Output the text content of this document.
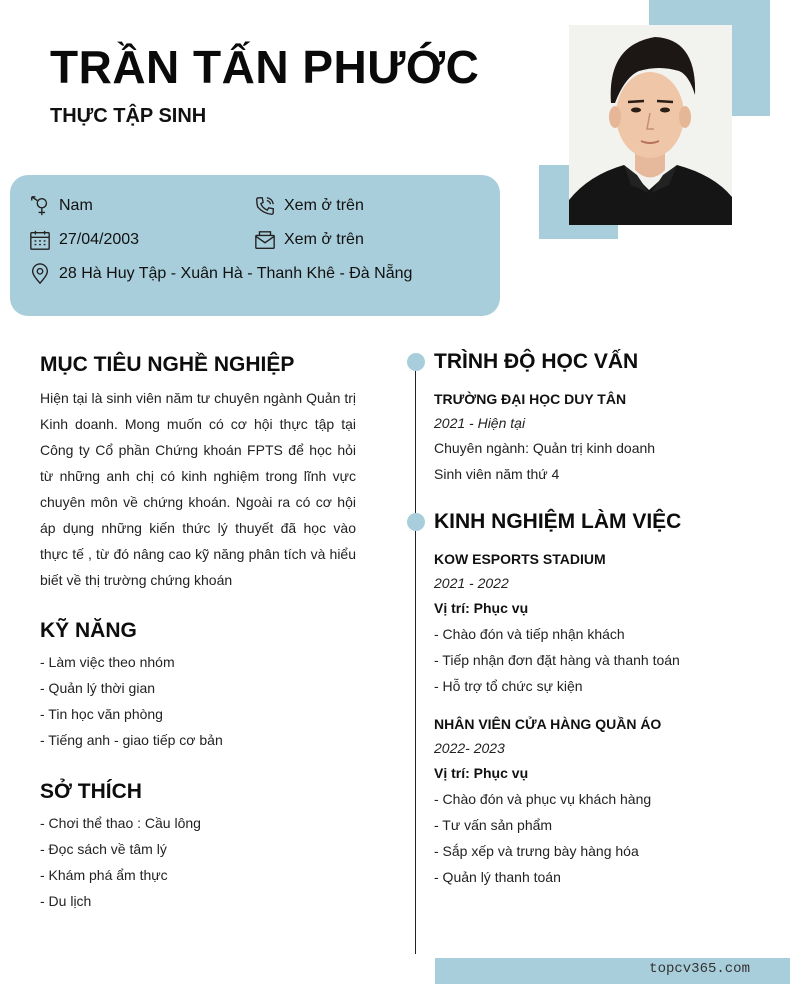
TRẦN TẤN PHƯỚC
THỰC TẬP SINH
Nam
27/04/2003
28 Hà Huy Tập - Xuân Hà - Thanh Khê - Đà Nẵng
Xem ở trên
Xem ở trên
MỤC TIÊU NGHỀ NGHIỆP

Hiện tại là sinh viên năm tư chuyên ngành Quản trị Kinh doanh. Mong muốn có cơ hội thực tập tại Công ty Cổ phần Chứng khoán FPTS để học hỏi từ những anh chị có kinh nghiệm trong lĩnh vực chuyên môn về chứng khoán. Ngoài ra có cơ hội áp dụng những kiến thức lý thuyết đã học vào thực tế , từ đó nâng cao kỹ năng phân tích và hiểu biết về thị trường chứng khoán

KỸ NĂNG
- Làm việc theo nhóm
- Quản lý thời gian
- Tin học văn phòng
- Tiếng anh - giao tiếp cơ bản
SỞ THÍCH
- Chơi thể thao : Cầu lông
- Đọc sách về tâm lý
- Khám phá ẩm thực
- Du lịch
TRÌNH ĐỘ HỌC VẤN
TRƯỜNG ĐẠI HỌC DUY TÂN
2021 - Hiện tại
Chuyên ngành: Quản trị kinh doanh
Sinh viên năm thứ 4
KINH NGHIỆM LÀM VIỆC
KOW ESPORTS STADIUM
2021 - 2022
Vị trí: Phục vụ
- Chào đón và tiếp nhận khách
- Tiếp nhận đơn đặt hàng và thanh toán
- Hỗ trợ tổ chức sự kiện
NHÂN VIÊN CỬA HÀNG QUẦN ÁO
2022- 2023
Vị trí: Phục vụ
- Chào đón và phục vụ khách hàng
- Tư vấn sản phẩm
- Sắp xếp và trưng bày hàng hóa
- Quản lý thanh toán
topcv365.com
